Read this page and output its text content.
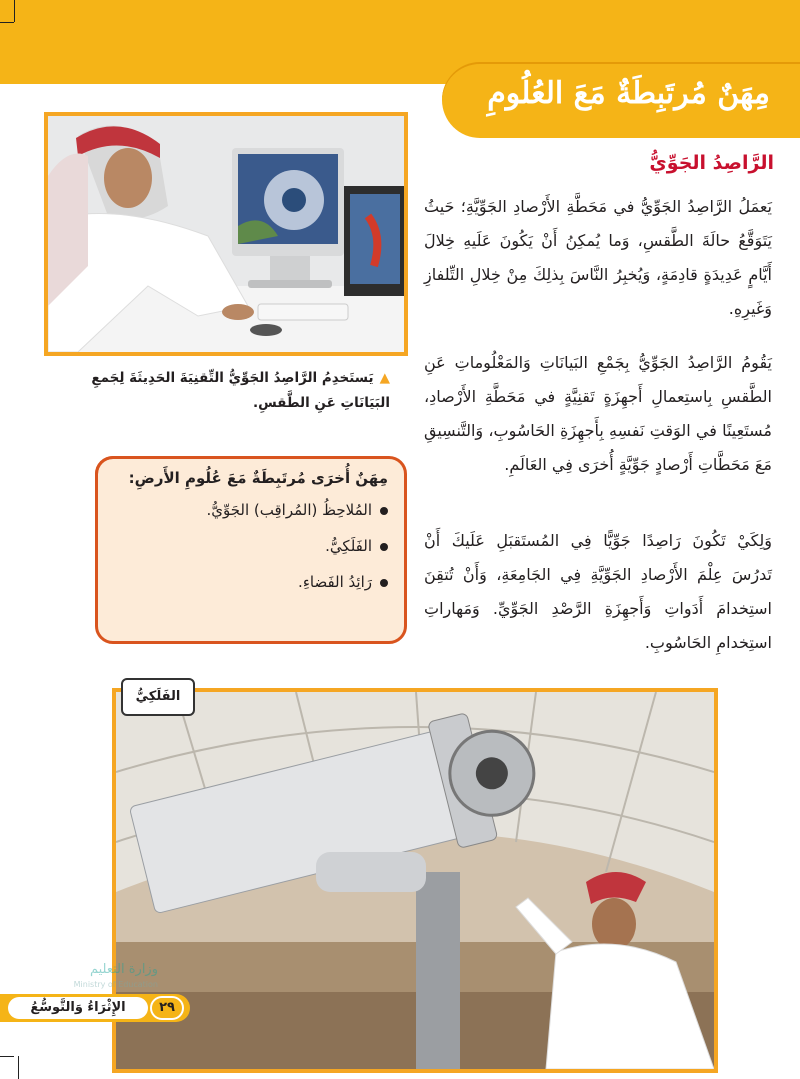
مِهَنٌ مُرتَبِطَةٌ مَعَ العُلُومِ
▲يَستَخدِمُ الرَّاصِدُ الجَوِّيُّ التِّقنِيَةَ الحَدِيثَةَ لِجَمعِ البَيَانَاتِ عَنِ الطَّقسِ.
مِهَنٌ أُخرَى مُرتَبِطَةٌ مَعَ عُلُومِ الأَرضِ:
المُلاحِظُ (المُراقِب) الجَوِّيُّ.
الفَلَكِيُّ.
رَائِدُ الفَضاءِ.
الرَّاصِدُ الجَوِّيُّ

يَعمَلُ الرَّاصِدُ الجَوِّيُّ في مَحَطَّةِ الأَرْصادِ الجَوِّيَّةِ؛ حَيثُ يَتَوَقَّعُ حالَةَ الطَّقسِ، وَما يُمكِنُ أَنْ يَكُونَ عَلَيهِ خِلالَ أَيَّامٍ عَدِيدَةٍ قادِمَةٍ، وَيُخبِرُ النَّاسَ بِذلِكَ مِنْ خِلالِ التِّلفازِ وَغَيرِهِ.

يَقُومُ الرَّاصِدُ الجَوِّيُّ بِجَمْعِ البَيانَاتِ وَالمَعْلُوماتِ عَنِ الطَّقسِ بِاستِعمالِ أَجهِزَةٍ تَقنِيَّةٍ في مَحَطَّةِ الأَرْصادِ، مُستَعِينًا في الوَقتِ نَفسِهِ بِأَجهِزَةِ الحَاسُوبِ، وَالتَّنسِيقِ مَعَ مَحَطَّاتِ أَرْصادٍ جَوِّيَّةٍ أُخرَى فِي العَالَمِ.

وَلِكَيْ تَكُونَ رَاصِدًا جَوِّيًّا فِي المُستَقبَلِ عَلَيكَ أَنْ تَدرُسَ عِلْمَ الأَرْصادِ الجَوِّيَّةِ فِي الجَامِعَةِ، وَأَنْ تُتقِنَ استِخدامَ أَدَواتِ وَأَجهِزَةِ الرَّصْدِ الجَوِّيِّ. وَمَهاراتِ استِخدامِ الحَاسُوبِ.

الفَلَكِيُّ
وزارة التعليم
Ministry of Education
الإِثْرَاءُ وَالتَّوسُّعُ	٢٩
